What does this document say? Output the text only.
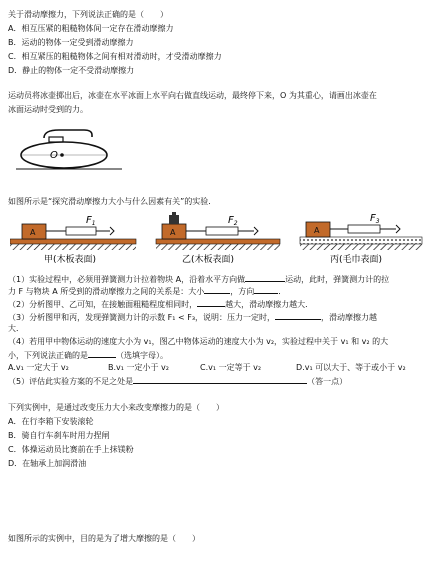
关于滑动摩擦力，下列说法正确的是（　　）
A．相互压紧的粗糙物体间一定存在滑动摩擦力
B．运动的物体一定受到滑动摩擦力
C．相互紧压的粗糙物体之间有相对滑动时，才受滑动摩擦力
D．静止的物体一定不受滑动摩擦力
运动员将冰壶掷出后，冰壶在水平冰面上水平向右做直线运动，最终停下来，O 为其重心，请画出冰壶在
冰面运动时受到的力。
O
如图所示是“探究滑动摩擦力大小与什么因素有关”的实验．
A
$F_1$
甲(木板表面)
A
$F_2$
乙(木板表面)
A
$F_3$
丙(毛巾表面)
（1）实验过程中，必须用弹簧测力计拉着物块 A，沿着水平方向做	运动，此时，弹簧测力计的拉
力 F 与物块 A 所受到的滑动摩擦力之间的关系是：大小	，方向	．
（2）分析图甲、乙可知，在接触面粗糙程度相同时，	越大，滑动摩擦力越大．
（3）分析图甲和丙，发现弹簧测力计的示数 F₁ < F₃，说明：压力一定时，	，滑动摩擦力越
大．
（4）若用甲中物体运动的速度大小为 v₁，图乙中物体运动的速度大小为 v₂，实验过程中关于 v₁ 和 v₂ 的大
小，下列说法正确的是	（选填字母）。
A.v₁ 一定大于 v₂	B.v₁ 一定小于 v₂	C.v₁ 一定等于 v₂	D.v₁ 可以大于、等于或小于 v₂
（5）评估此实验方案的不足之处是	（答一点）
下列实例中，是通过改变压力大小来改变摩擦力的是（　　）
A．在行李箱下安装滚轮
B．骑自行车刹车时用力捏闸
C．体操运动员比赛前在手上抹镁粉
D．在轴承上加润滑油
如图所示的实例中，目的是为了增大摩擦的是（　　）
